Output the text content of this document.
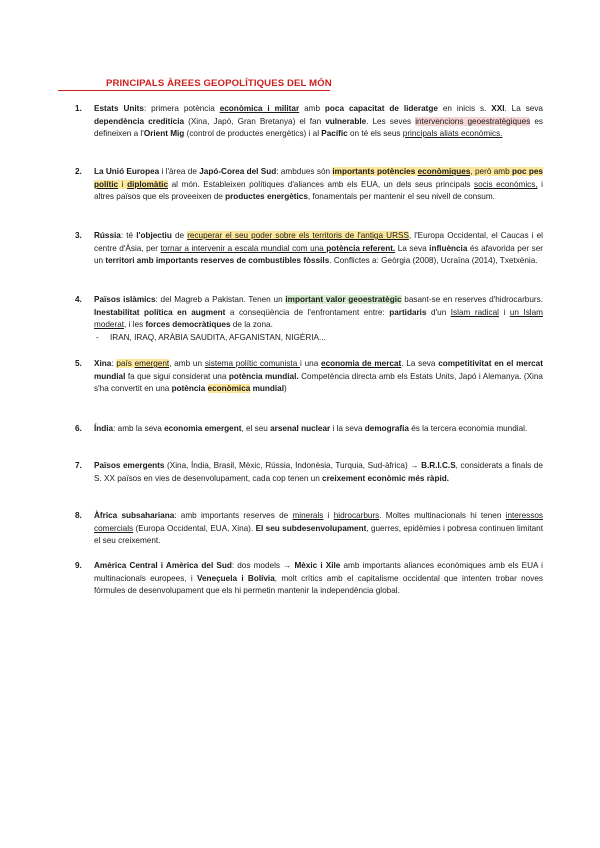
PRINCIPALS ÀREES GEOPOLÍTIQUES DEL MÓN
1. Estats Units: primera potència econòmica i militar amb poca capacitat de lideratge en inicis s. XXI. La seva dependència creditícia (Xina, Japó, Gran Bretanya) el fan vulnerable. Les seves intervencions geoestratègiques es defineixen a l'Orient Mig (control de productes energètics) i al Pacífic on té els seus principals aliats econòmics.
2. La Unió Europea i l'àrea de Japó-Corea del Sud: ambdues són importants potències econòmiques, però amb poc pes polític i diplomàtic al món. Estableixen polítiques d'aliances amb els EUA, un dels seus principals socis econòmics, i altres països que els proveeixen de productes energètics, fonamentals per mantenir el seu nivell de consum.
3. Rússia: té l'objectiu de recuperar el seu poder sobre els territoris de l'antiga URSS, l'Europa Occidental, el Caucas i el centre d'Àsia, per tornar a intervenir a escala mundial com una potència referent. La seva influència és afavorida per ser un territori amb importants reserves de combustibles fòssils. Conflictes a: Geòrgia (2008), Ucraïna (2014), Txetxènia.
4. Països islàmics: del Magreb a Pakistan. Tenen un important valor geoestratègic basant-se en reserves d'hidrocarburs. Inestabilitat política en augment a conseqüència de l'enfrontament entre: partidaris d'un Islam radical i un Islam moderat, i les forces democràtiques de la zona.
5. Xina: país emergent, amb un sistema polític comunista i una economia de mercat. La seva competitivitat en el mercat mundial fa que sigui considerat una potència mundial. Competència directa amb els Estats Units, Japó i Alemanya. (Xina s'ha convertit en una potència econòmica mundial)
6. Índia: amb la seva economia emergent, el seu arsenal nuclear i la seva demografia és la tercera economia mundial.
7. Països emergents (Xina, Índia, Brasil, Mèxic, Rússia, Indonèsia, Turquia, Sud-àfrica) → B.R.I.C.S, considerats a finals de S. XX països en vies de desenvolupament, cada cop tenen un creixement econòmic més ràpid.
8. Àfrica subsahariana: amb importants reserves de minerals i hidrocarburs. Moltes multinacionals hi tenen interessos comercials (Europa Occidental, EUA, Xina). El seu subdesenvolupament, guerres, epidèmies i pobresa continuen limitant el seu creixement.
9. Amèrica Central i Amèrica del Sud: dos models → Mèxic i Xile amb importants aliances econòmiques amb els EUA i multinacionals europees, i Veneçuela i Bolívia, molt crítics amb el capitalisme occidental que intenten trobar noves fórmules de desenvolupament que els hi permetin mantenir la independència global.
- IRAN, IRAQ, ARÀBIA SAUDITA, AFGANISTAN, NIGÈRIA...
